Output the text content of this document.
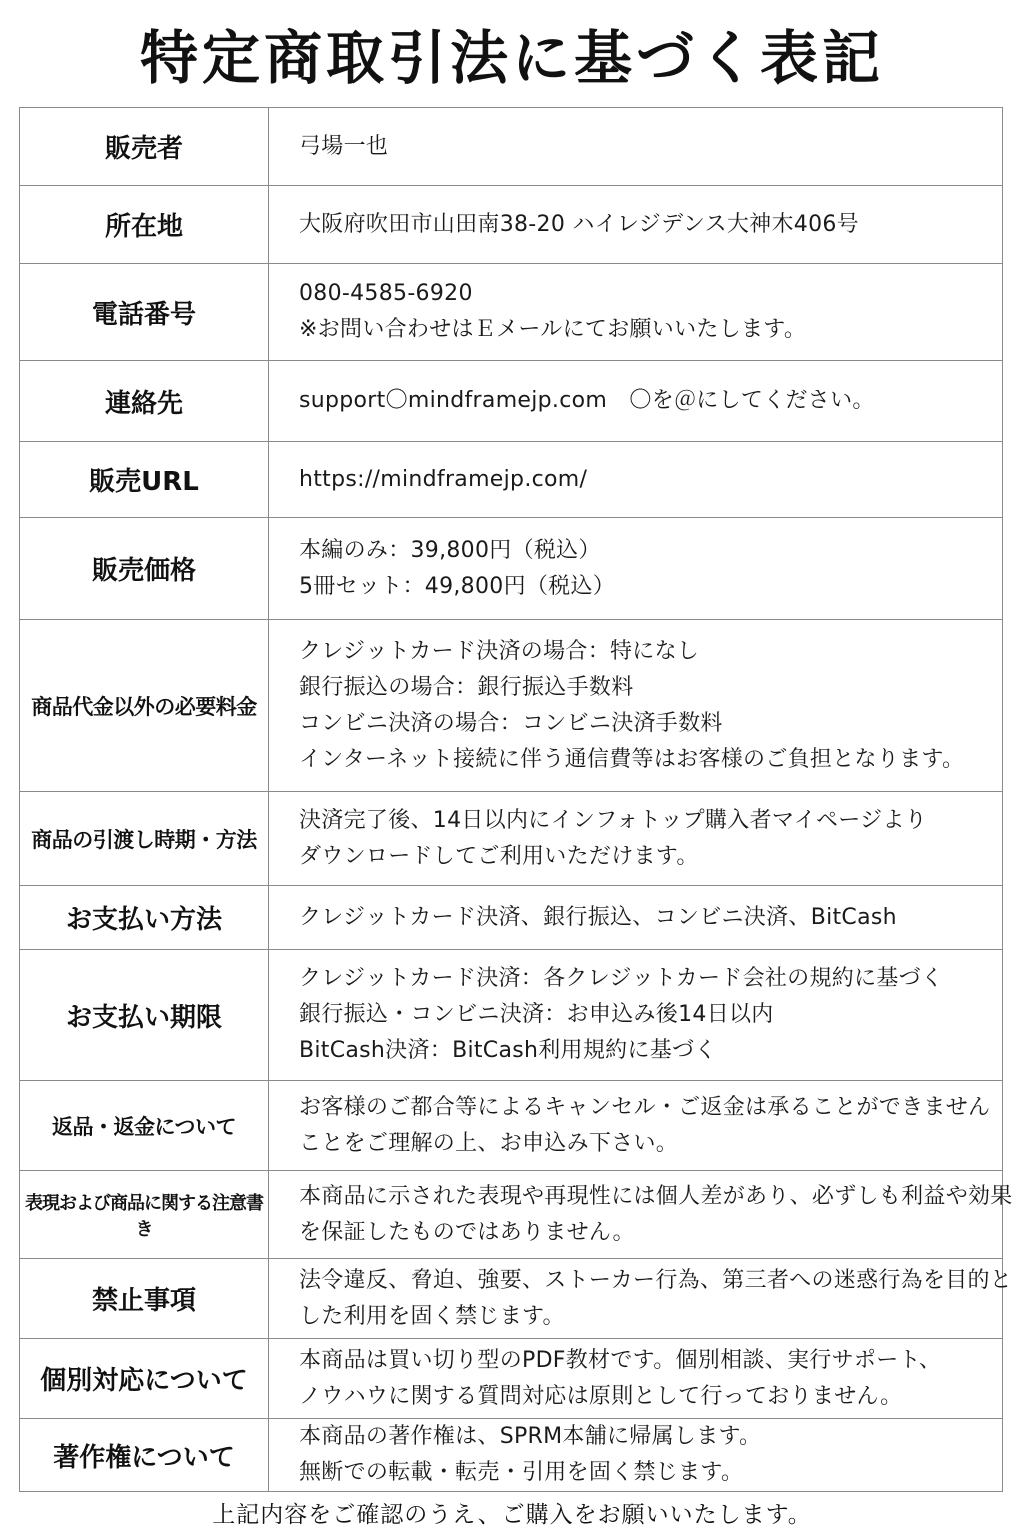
特定商取引法に基づく表記
販売者	弓場一也

所在地	大阪府吹田市山田南38-20 ハイレジデンス大神木406号

電話番号	080-4585-6920
※お問い合わせはＥメールにてお願いいたします。

連絡先	support〇mindframejp.com　〇を＠にしてください。

販売URL	https://mindframejp.com/

販売価格	本編のみ：39,800円（税込）
5冊セット：49,800円（税込）

商品代金以外の必要料金	クレジットカード決済の場合：特になし
銀行振込の場合：銀行振込手数料
コンビニ決済の場合：コンビニ決済手数料
インターネット接続に伴う通信費等はお客様のご負担となります。

商品の引渡し時期・方法	決済完了後、14日以内にインフォトップ購入者マイページより
ダウンロードしてご利用いただけます。

お支払い方法	クレジットカード決済、銀行振込、コンビニ決済、BitCash

お支払い期限	クレジットカード決済：各クレジットカード会社の規約に基づく
銀行振込・コンビニ決済：お申込み後14日以内
BitCash決済：BitCash利用規約に基づく

返品・返金について	お客様のご都合等によるキャンセル・ご返金は承ることができません
ことをご理解の上、お申込み下さい。

表現および商品に関する注意書き	本商品に示された表現や再現性には個人差があり、必ずしも利益や効果
を保証したものではありません。

禁止事項	法令違反、脅迫、強要、ストーカー行為、第三者への迷惑行為を目的と
した利用を固く禁じます。

個別対応について	本商品は買い切り型のPDF教材です。個別相談、実行サポート、
ノウハウに関する質問対応は原則として行っておりません。

著作権について	本商品の著作権は、SPRM本舗に帰属します。
無断での転載・転売・引用を固く禁じます。
上記内容をご確認のうえ、ご購入をお願いいたします。
